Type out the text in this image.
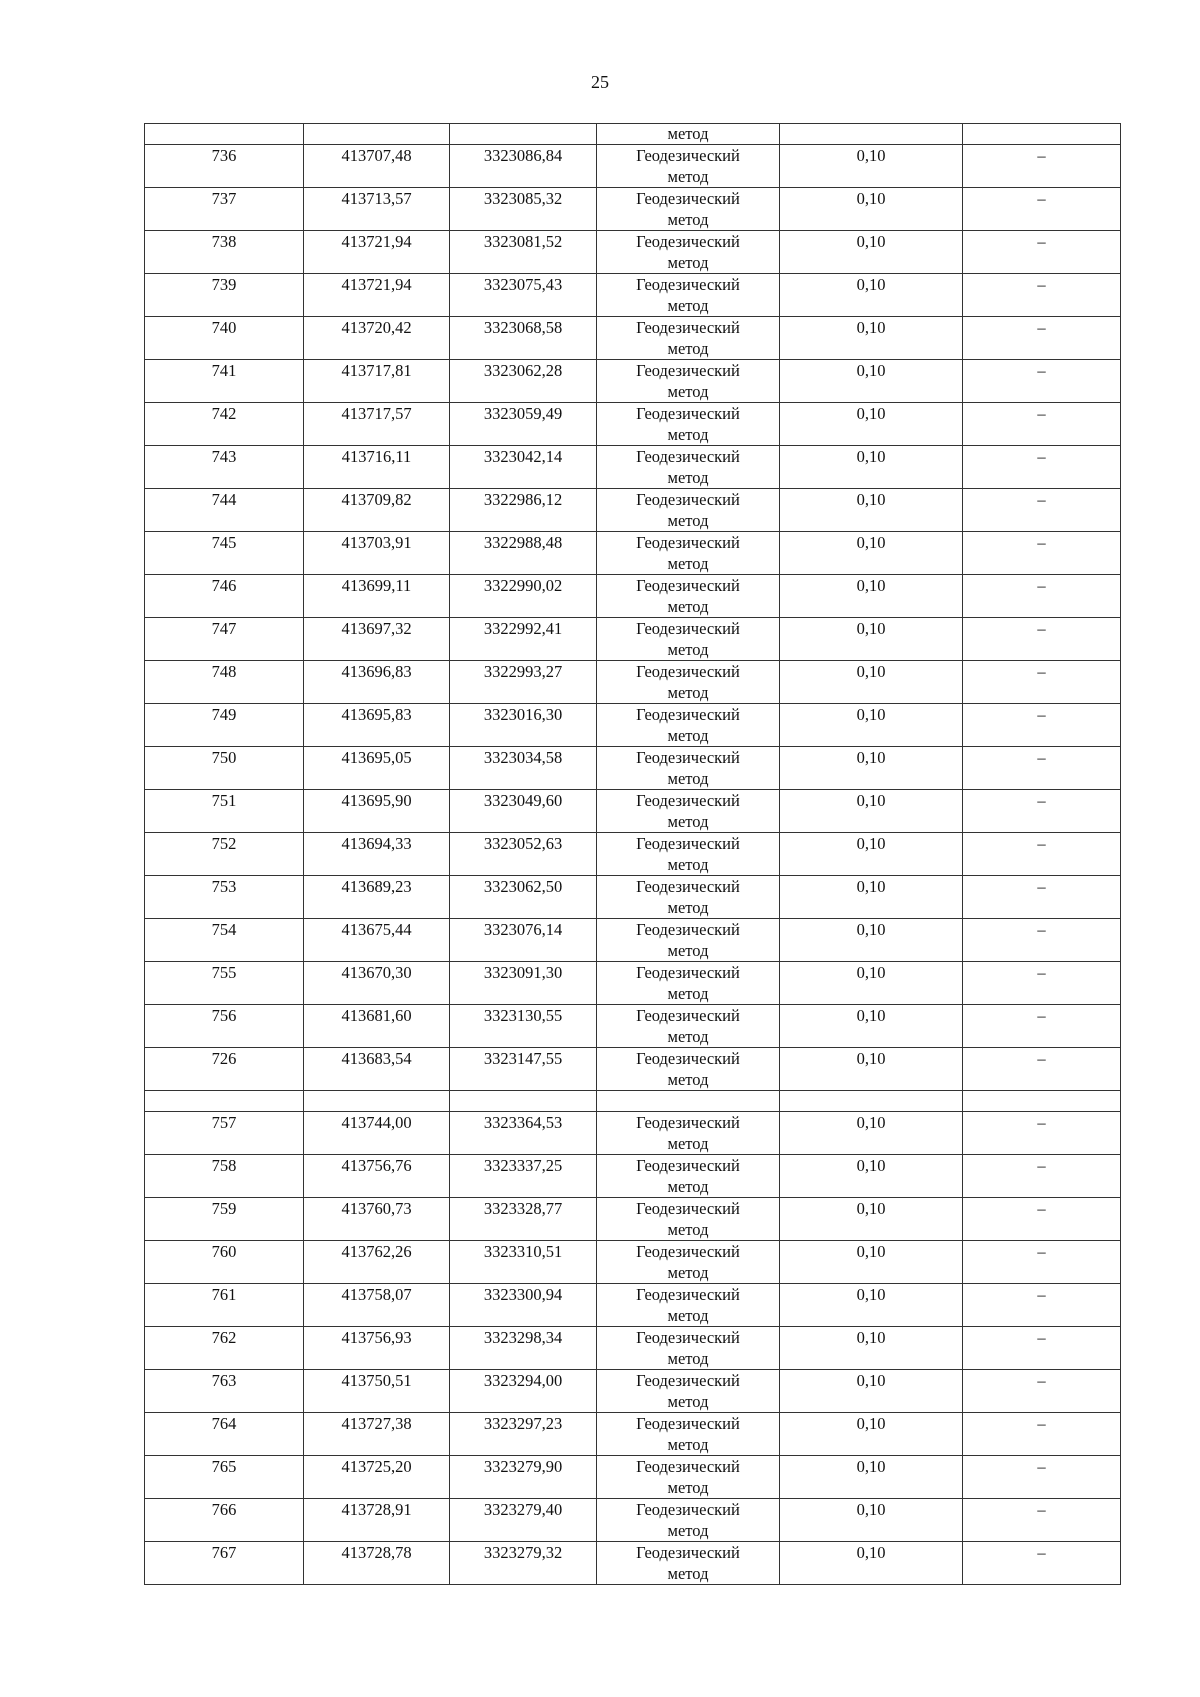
25
			метод		
736	413707,48	3323086,84	Геодезический
метод	0,10	–
737	413713,57	3323085,32	Геодезический
метод	0,10	–
738	413721,94	3323081,52	Геодезический
метод	0,10	–
739	413721,94	3323075,43	Геодезический
метод	0,10	–
740	413720,42	3323068,58	Геодезический
метод	0,10	–
741	413717,81	3323062,28	Геодезический
метод	0,10	–
742	413717,57	3323059,49	Геодезический
метод	0,10	–
743	413716,11	3323042,14	Геодезический
метод	0,10	–
744	413709,82	3322986,12	Геодезический
метод	0,10	–
745	413703,91	3322988,48	Геодезический
метод	0,10	–
746	413699,11	3322990,02	Геодезический
метод	0,10	–
747	413697,32	3322992,41	Геодезический
метод	0,10	–
748	413696,83	3322993,27	Геодезический
метод	0,10	–
749	413695,83	3323016,30	Геодезический
метод	0,10	–
750	413695,05	3323034,58	Геодезический
метод	0,10	–
751	413695,90	3323049,60	Геодезический
метод	0,10	–
752	413694,33	3323052,63	Геодезический
метод	0,10	–
753	413689,23	3323062,50	Геодезический
метод	0,10	–
754	413675,44	3323076,14	Геодезический
метод	0,10	–
755	413670,30	3323091,30	Геодезический
метод	0,10	–
756	413681,60	3323130,55	Геодезический
метод	0,10	–
726	413683,54	3323147,55	Геодезический
метод	0,10	–

757	413744,00	3323364,53	Геодезический
метод	0,10	–
758	413756,76	3323337,25	Геодезический
метод	0,10	–
759	413760,73	3323328,77	Геодезический
метод	0,10	–
760	413762,26	3323310,51	Геодезический
метод	0,10	–
761	413758,07	3323300,94	Геодезический
метод	0,10	–
762	413756,93	3323298,34	Геодезический
метод	0,10	–
763	413750,51	3323294,00	Геодезический
метод	0,10	–
764	413727,38	3323297,23	Геодезический
метод	0,10	–
765	413725,20	3323279,90	Геодезический
метод	0,10	–
766	413728,91	3323279,40	Геодезический
метод	0,10	–
767	413728,78	3323279,32	Геодезический
метод	0,10	–
